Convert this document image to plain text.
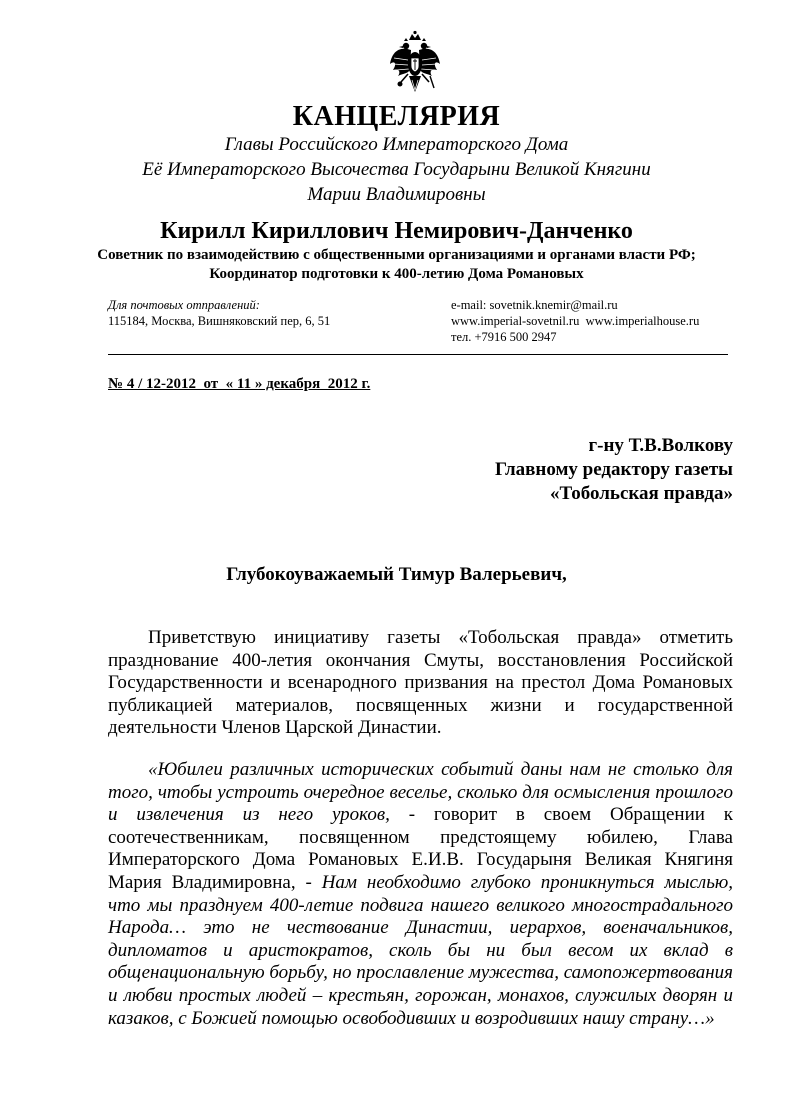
КАНЦЕЛЯРИЯ
Главы Российского Императорского Дома
Её Императорского Высочества Государыни Великой Княгини
Марии Владимировны
Кирилл Кириллович Немирович-Данченко
Советник по взаимодействию с общественными организациями и органами власти РФ;
Координатор подготовки к 400-летию Дома Романовых
Для почтовых отправлений:
115184, Москва, Вишняковский пер, 6, 51
e-mail: sovetnik.knemir@mail.ru
www.imperial-sovetnil.ru  www.imperialhouse.ru
тел. +7916 500 2947
№ 4 / 12-2012  от  « 11 » декабря  2012 г.
г-ну Т.В.Волкову
Главному редактору газеты
«Тобольская правда»
Глубокоуважаемый Тимур Валерьевич,
Приветствую инициативу газеты «Тобольская правда» отметить празднование 400-летия окончания Смуты, восстановления Российской Государственности и всенародного призвания на престол Дома Романовых публикацией материалов, посвященных жизни и государственной деятельности Членов Царской Династии.
«Юбилеи различных исторических событий даны нам не столько для того, чтобы устроить очередное веселье, сколько для осмысления прошлого и извлечения из него уроков, - говорит в своем Обращении к соотечественникам, посвященном предстоящему юбилею, Глава Императорского Дома Романовых Е.И.В. Государыня Великая Княгиня Мария Владимировна, - Нам необходимо глубоко проникнуться мыслью, что мы празднуем 400-летие подвига нашего великого многострадального Народа… это не чествование Династии, иерархов, военачальников, дипломатов и аристократов, сколь бы ни был весом их вклад в общенациональную борьбу, но прославление мужества, самопожертвования и любви простых людей – крестьян, горожан, монахов, служилых дворян и казаков, с Божией помощью освободивших и возродивших нашу страну…»
